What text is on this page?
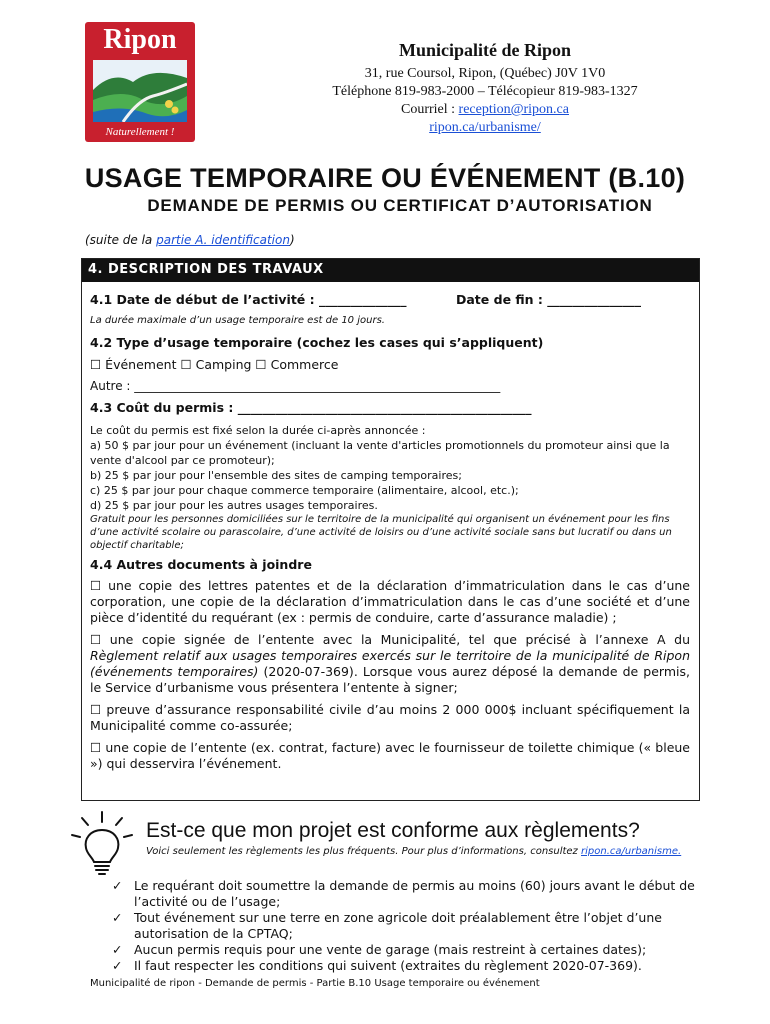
Ripon
Naturellement !
Municipalité de Ripon
31, rue Coursol, Ripon, (Québec) J0V 1V0
Téléphone 819-983-2000 – Télécopieur 819-983-1327
Courriel : reception@ripon.ca
ripon.ca/urbanisme/
USAGE TEMPORAIRE OU ÉVÉNEMENT (B.10)
DEMANDE DE PERMIS OU CERTIFICAT D’AUTORISATION
(suite de la partie A. identification)
4. DESCRIPTION DES TRAVAUX
4.1 Date de début de l’activité : ______________	Date de fin : _______________
La durée maximale d’un usage temporaire est de 10 jours.
4.2 Type d’usage temporaire (cochez les cases qui s’appliquent)
☐ Événement ☐ Camping ☐ Commerce
Autre : _____________________________________________________________
4.3 Coût du permis : _______________________________________________
Le coût du permis est fixé selon la durée ci-après annoncée :
a) 50 $ par jour pour un événement (incluant la vente d'articles promotionnels du promoteur ainsi que la vente d'alcool par ce promoteur);
b) 25 $ par jour pour l'ensemble des sites de camping temporaires;
c) 25 $ par jour pour chaque commerce temporaire (alimentaire, alcool, etc.);
d) 25 $ par jour pour les autres usages temporaires.
Gratuit pour les personnes domiciliées sur le territoire de la municipalité qui organisent un événement pour les fins d’une activité scolaire ou parascolaire, d’une activité de loisirs ou d’une activité sociale sans but lucratif ou dans un objectif charitable;
4.4 Autres documents à joindre
☐ une copie des lettres patentes et de la déclaration d’immatriculation dans le cas d’une corporation, une copie de la déclaration d’immatriculation dans le cas d’une société et d’une pièce d’identité du requérant (ex : permis de conduire, carte d’assurance maladie) ;
☐ une copie signée de l’entente avec la Municipalité, tel que précisé à l’annexe A du Règlement relatif aux usages temporaires exercés sur le territoire de la municipalité de Ripon (événements temporaires) (2020-07-369). Lorsque vous aurez déposé la demande de permis, le Service d’urbanisme vous présentera l’entente à signer;
☐ preuve d’assurance responsabilité civile d’au moins 2 000 000$ incluant spécifiquement la Municipalité comme co-assurée;
☐ une copie de l’entente (ex. contrat, facture) avec le fournisseur de toilette chimique (« bleue ») qui desservira l’événement.
Est-ce que mon projet est conforme aux règlements?
Voici seulement les règlements les plus fréquents. Pour plus d’informations, consultez ripon.ca/urbanisme.
✓ Le requérant doit soumettre la demande de permis au moins (60) jours avant le début de l’activité ou de l’usage;
✓ Tout événement sur une terre en zone agricole doit préalablement être l’objet d’une autorisation de la CPTAQ;
✓ Aucun permis requis pour une vente de garage (mais restreint à certaines dates);
✓ Il faut respecter les conditions qui suivent (extraites du règlement 2020-07-369).
Municipalité de ripon - Demande de permis - Partie B.10 Usage temporaire ou événement
